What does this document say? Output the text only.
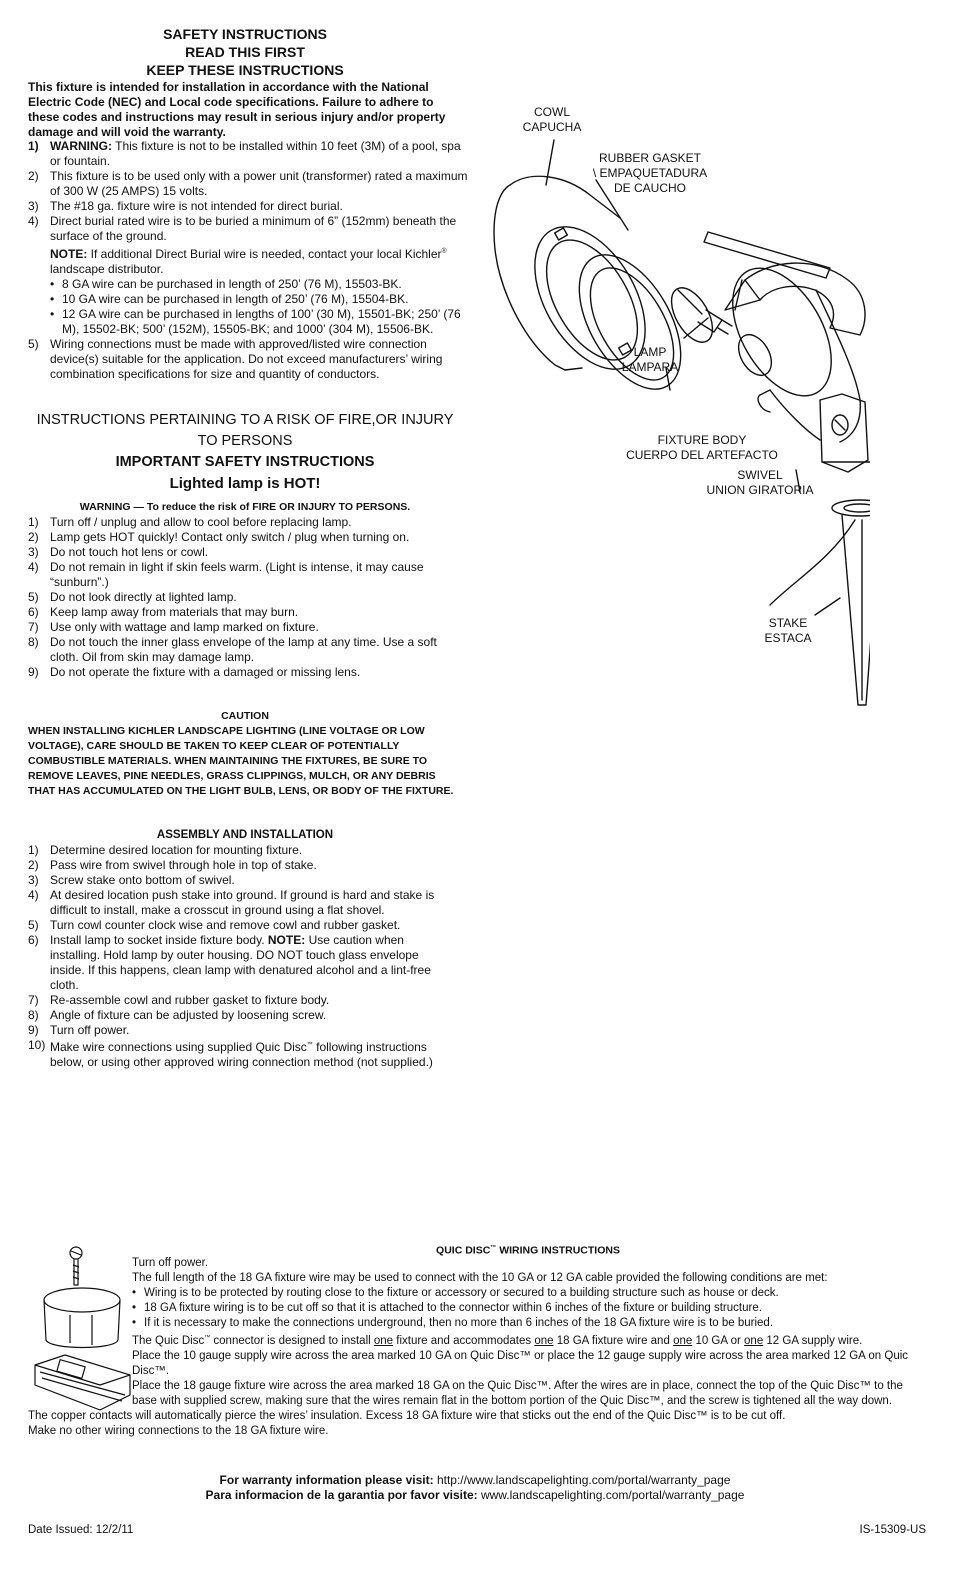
SAFETY INSTRUCTIONS
READ THIS FIRST
KEEP THESE INSTRUCTIONS
This fixture is intended for installation in accordance with the National Electric Code (NEC) and Local code specifications. Failure to adhere to these codes and instructions may result in serious injury and/or property damage and will void the warranty.
1) WARNING: This fixture is not to be installed within 10 feet (3M) of a pool, spa or fountain.
2) This fixture is to be used only with a power unit (transformer) rated a maximum of 300 W (25 AMPS) 15 volts.
3) The #18 ga. fixture wire is not intended for direct burial.
4) Direct burial rated wire is to be buried a minimum of 6” (152mm) beneath the surface of the ground.
NOTE: If additional Direct Burial wire is needed, contact your local Kichler® landscape distributor.
• 8 GA wire can be purchased in length of 250’ (76 M), 15503-BK.
• 10 GA wire can be purchased in length of 250’ (76 M), 15504-BK.
• 12 GA wire can be purchased in lengths of 100’ (30 M), 15501-BK; 250’ (76 M), 15502-BK; 500’ (152M), 15505-BK; and 1000’ (304 M), 15506-BK.
5) Wiring connections must be made with approved/listed wire connection device(s) suitable for the application. Do not exceed manufacturers’ wiring combination specifications for size and quantity of conductors.
INSTRUCTIONS PERTAINING TO A RISK OF FIRE,OR INJURY TO PERSONS
IMPORTANT SAFETY INSTRUCTIONS
Lighted lamp is HOT!
WARNING — To reduce the risk of FIRE OR INJURY TO PERSONS.
1) Turn off / unplug and allow to cool before replacing lamp.
2) Lamp gets HOT quickly! Contact only switch / plug when turning on.
3) Do not touch hot lens or cowl.
4) Do not remain in light if skin feels warm. (Light is intense, it may cause “sunburn”.)
5) Do not look directly at lighted lamp.
6) Keep lamp away from materials that may burn.
7) Use only with wattage and lamp marked on fixture.
8) Do not touch the inner glass envelope of the lamp at any time. Use a soft cloth. Oil from skin may damage lamp.
9) Do not operate the fixture with a damaged or missing lens.
CAUTION
WHEN INSTALLING KICHLER LANDSCAPE LIGHTING (LINE VOLTAGE OR LOW VOLTAGE), CARE SHOULD BE TAKEN TO KEEP CLEAR OF POTENTIALLY COMBUSTIBLE MATERIALS. WHEN MAINTAINING THE FIXTURES, BE SURE TO REMOVE LEAVES, PINE NEEDLES, GRASS CLIPPINGS, MULCH, OR ANY DEBRIS THAT HAS ACCUMULATED ON THE LIGHT BULB, LENS, OR BODY OF THE FIXTURE.
ASSEMBLY AND INSTALLATION
1) Determine desired location for mounting fixture.
2) Pass wire from swivel through hole in top of stake.
3) Screw stake onto bottom of swivel.
4) At desired location push stake into ground. If ground is hard and stake is difficult to install, make a crosscut in ground using a flat shovel.
5) Turn cowl counter clock wise and remove cowl and rubber gasket.
6) Install lamp to socket inside fixture body. NOTE: Use caution when installing. Hold lamp by outer housing. DO NOT touch glass envelope inside. If this happens, clean lamp with denatured alcohol and a lint-free cloth.
7) Re-assemble cowl and rubber gasket to fixture body.
8) Angle of fixture can be adjusted by loosening screw.
9) Turn off power.
10) Make wire connections using supplied Quic Disc™ following instructions below, or using other approved wiring connection method (not supplied.)
COWL
CAPUCHA
RUBBER GASKET
\ EMPAQUETADURA
DE CAUCHO
LAMP
LAMPARA
FIXTURE BODY
CUERPO DEL ARTEFACTO
SWIVEL
UNION GIRATORIA
STAKE
ESTACA
QUIC DISC™ WIRING INSTRUCTIONS
Turn off power.
The full length of the 18 GA fixture wire may be used to connect with the 10 GA or 12 GA cable provided the following conditions are met:
• Wiring is to be protected by routing close to the fixture or accessory or secured to a building structure such as house or deck.
• 18 GA fixture wiring is to be cut off so that it is attached to the connector within 6 inches of the fixture or building structure.
• If it is necessary to make the connections underground, then no more than 6 inches of the 18 GA fixture wire is to be buried.
The Quic Disc™ connector is designed to install one fixture and accommodates one 18 GA fixture wire and one 10 GA or one 12 GA supply wire.
Place the 10 gauge supply wire across the area marked 10 GA on Quic Disc™ or place the 12 gauge supply wire across the area marked 12 GA on Quic Disc™.
Place the 18 gauge fixture wire across the area marked 18 GA on the Quic Disc™. After the wires are in place, connect the top of the Quic Disc™ to the base with supplied screw, making sure that the wires remain flat in the bottom portion of the Quic Disc™, and the screw is tightened all the way down.
The copper contacts will automatically pierce the wires’ insulation. Excess 18 GA fixture wire that sticks out the end of the Quic Disc™ is to be cut off.
Make no other wiring connections to the 18 GA fixture wire.
For warranty information please visit: http://www.landscapelighting.com/portal/warranty_page
Para informacion de la garantia por favor visite: www.landscapelighting.com/portal/warranty_page
Date Issued: 12/2/11	IS-15309-US
